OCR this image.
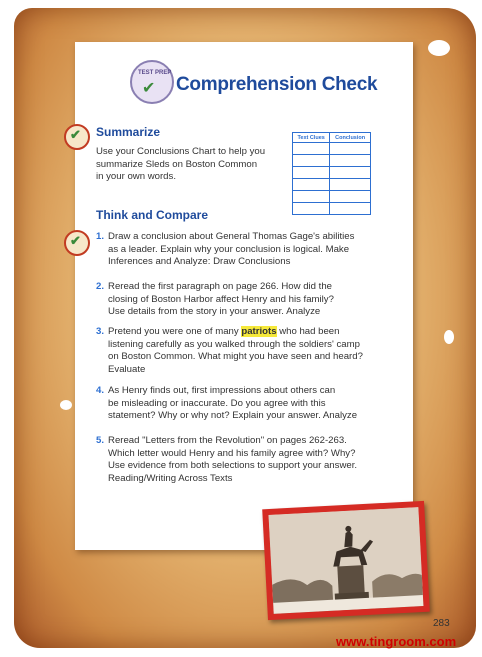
TEST PREP
✔ Comprehension Check
✔ Summarize
Use your Conclusions Chart to help you
summarize Sleds on Boston Common
in your own words.
Text Clues	Conclusion

Think and Compare
✔ 1. Draw a conclusion about General Thomas Gage's abilities
as a leader. Explain why your conclusion is logical. Make
Inferences and Analyze: Draw Conclusions
2. Reread the first paragraph on page 266. How did the
closing of Boston Harbor affect Henry and his family?
Use details from the story in your answer. Analyze
3. Pretend you were one of many patriots who had been
listening carefully as you walked through the soldiers' camp
on Boston Common. What might you have seen and heard?
Evaluate
4. As Henry finds out, first impressions about others can
be misleading or inaccurate. Do you agree with this
statement? Why or why not? Explain your answer. Analyze
5. Reread "Letters from the Revolution" on pages 262-263.
Which letter would Henry and his family agree with? Why?
Use evidence from both selections to support your answer.
Reading/Writing Across Texts
283
www.tingroom.com
